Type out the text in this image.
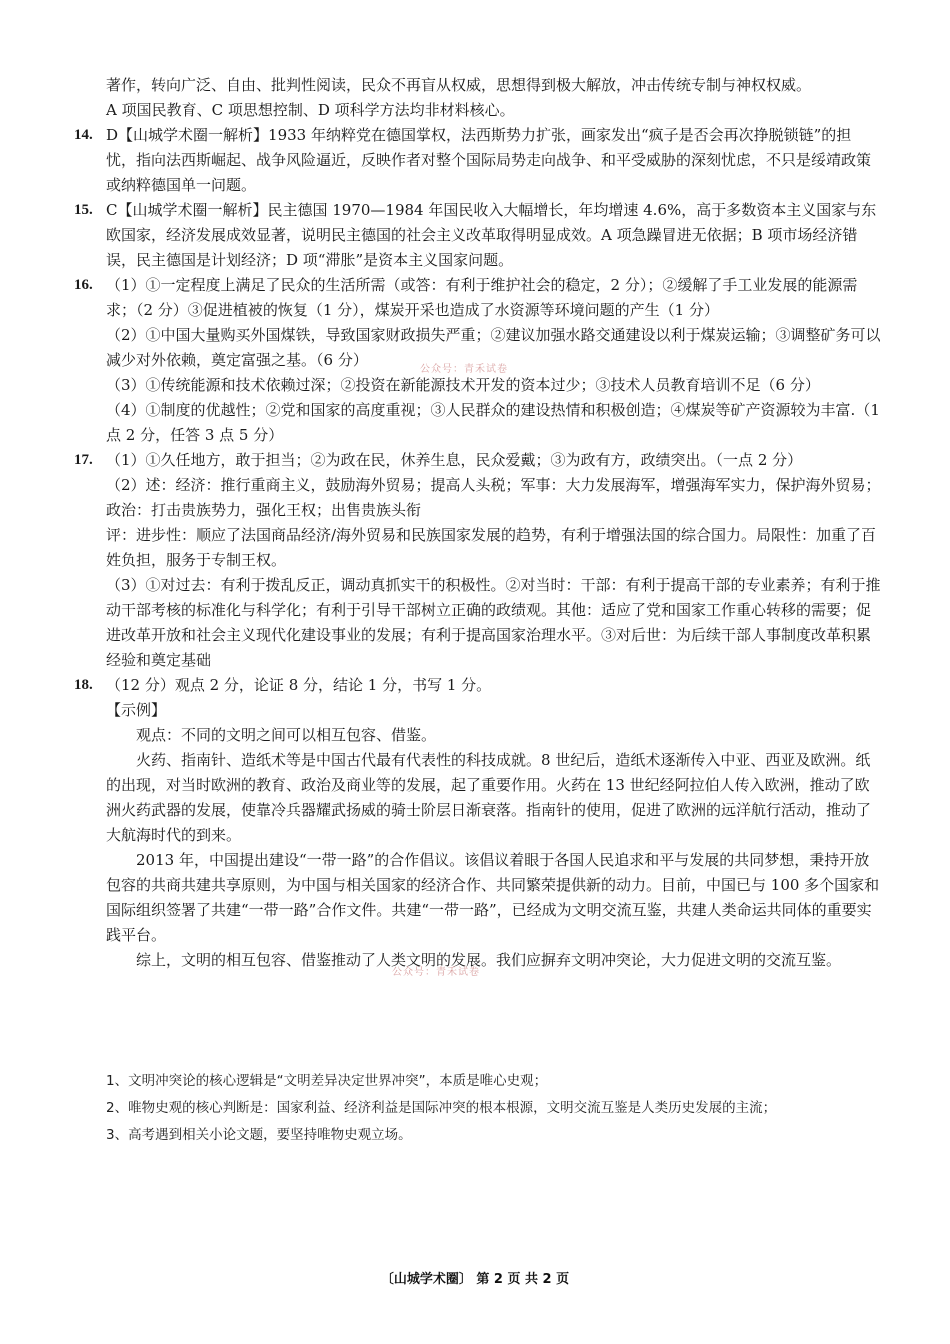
著作，转向广泛、自由、批判性阅读，民众不再盲从权威，思想得到极大解放，冲击传统专制与神权权威。

A 项国民教育、C 项思想控制、D 项科学方法均非材料核心。

14. D【山城学术圈一解析】1933 年纳粹党在德国掌权，法西斯势力扩张，画家发出“疯子是否会再次挣脱锁链”的担忧，指向法西斯崛起、战争风险逼近，反映作者对整个国际局势走向战争、和平受威胁的深刻忧虑，不只是绥靖政策或纳粹德国单一问题。

15. C【山城学术圈一解析】民主德国 1970—1984 年国民收入大幅增长，年均增速 4.6%，高于多数资本主义国家与东欧国家，经济发展成效显著，说明民主德国的社会主义改革取得明显成效。A 项急躁冒进无依据；B 项市场经济错误，民主德国是计划经济；D 项“滞胀”是资本主义国家问题。

16. （1）①一定程度上满足了民众的生活所需（或答：有利于维护社会的稳定，2 分）；②缓解了手工业发展的能源需求；（2 分）③促进植被的恢复（1 分），煤炭开采也造成了水资源等环境问题的产生（1 分）

（2）①中国大量购买外国煤铁，导致国家财政损失严重；②建议加强水路交通建设以利于煤炭运输；③调整矿务可以减少对外依赖，奠定富强之基。（6 分）

（3）①传统能源和技术依赖过深；②投资在新能源技术开发的资本过少；③技术人员教育培训不足（6 分）

（4）①制度的优越性；②党和国家的高度重视；③人民群众的建设热情和积极创造；④煤炭等矿产资源较为丰富.（1 点 2 分，任答 3 点 5 分）

17. （1）①久任地方，敢于担当；②为政在民，休养生息，民众爱戴；③为政有方，政绩突出。（一点 2 分）

（2）述：经济：推行重商主义，鼓励海外贸易；提高人头税；军事：大力发展海军，增强海军实力，保护海外贸易；政治：打击贵族势力，强化王权；出售贵族头衔

评：进步性：顺应了法国商品经济/海外贸易和民族国家发展的趋势，有利于增强法国的综合国力。局限性：加重了百姓负担，服务于专制王权。

（3）①对过去：有利于拨乱反正，调动真抓实干的积极性。②对当时：干部：有利于提高干部的专业素养；有利于推动干部考核的标准化与科学化；有利于引导干部树立正确的政绩观。其他：适应了党和国家工作重心转移的需要；促进改革开放和社会主义现代化建设事业的发展；有利于提高国家治理水平。③对后世：为后续干部人事制度改革积累经验和奠定基础

18. （12 分）观点 2 分，论证 8 分，结论 1 分，书写 1 分。

【示例】

观点：不同的文明之间可以相互包容、借鉴。

火药、指南针、造纸术等是中国古代最有代表性的科技成就。8 世纪后，造纸术逐渐传入中亚、西亚及欧洲。纸的出现，对当时欧洲的教育、政治及商业等的发展，起了重要作用。火药在 13 世纪经阿拉伯人传入欧洲，推动了欧洲火药武器的发展，使靠冷兵器耀武扬威的骑士阶层日渐衰落。指南针的使用，促进了欧洲的远洋航行活动，推动了大航海时代的到来。

2013 年，中国提出建设“一带一路”的合作倡议。该倡议着眼于各国人民追求和平与发展的共同梦想，秉持开放包容的共商共建共享原则，为中国与相关国家的经济合作、共同繁荣提供新的动力。目前，中国已与 100 多个国家和国际组织签署了共建“一带一路”合作文件。共建“一带一路”，已经成为文明交流互鉴，共建人类命运共同体的重要实践平台。

综上，文明的相互包容、借鉴推动了人类文明的发展。我们应摒弃文明冲突论，大力促进文明的交流互鉴。

公众号：青禾试卷
公众号：青禾试卷

1、文明冲突论的核心逻辑是“文明差异决定世界冲突”，本质是唯心史观；

2、唯物史观的核心判断是：国家利益、经济利益是国际冲突的根本根源，文明交流互鉴是人类历史发展的主流；

3、高考遇到相关小论文题，要坚持唯物史观立场。

〔山城学术圈〕 第 2 页 共 2 页
